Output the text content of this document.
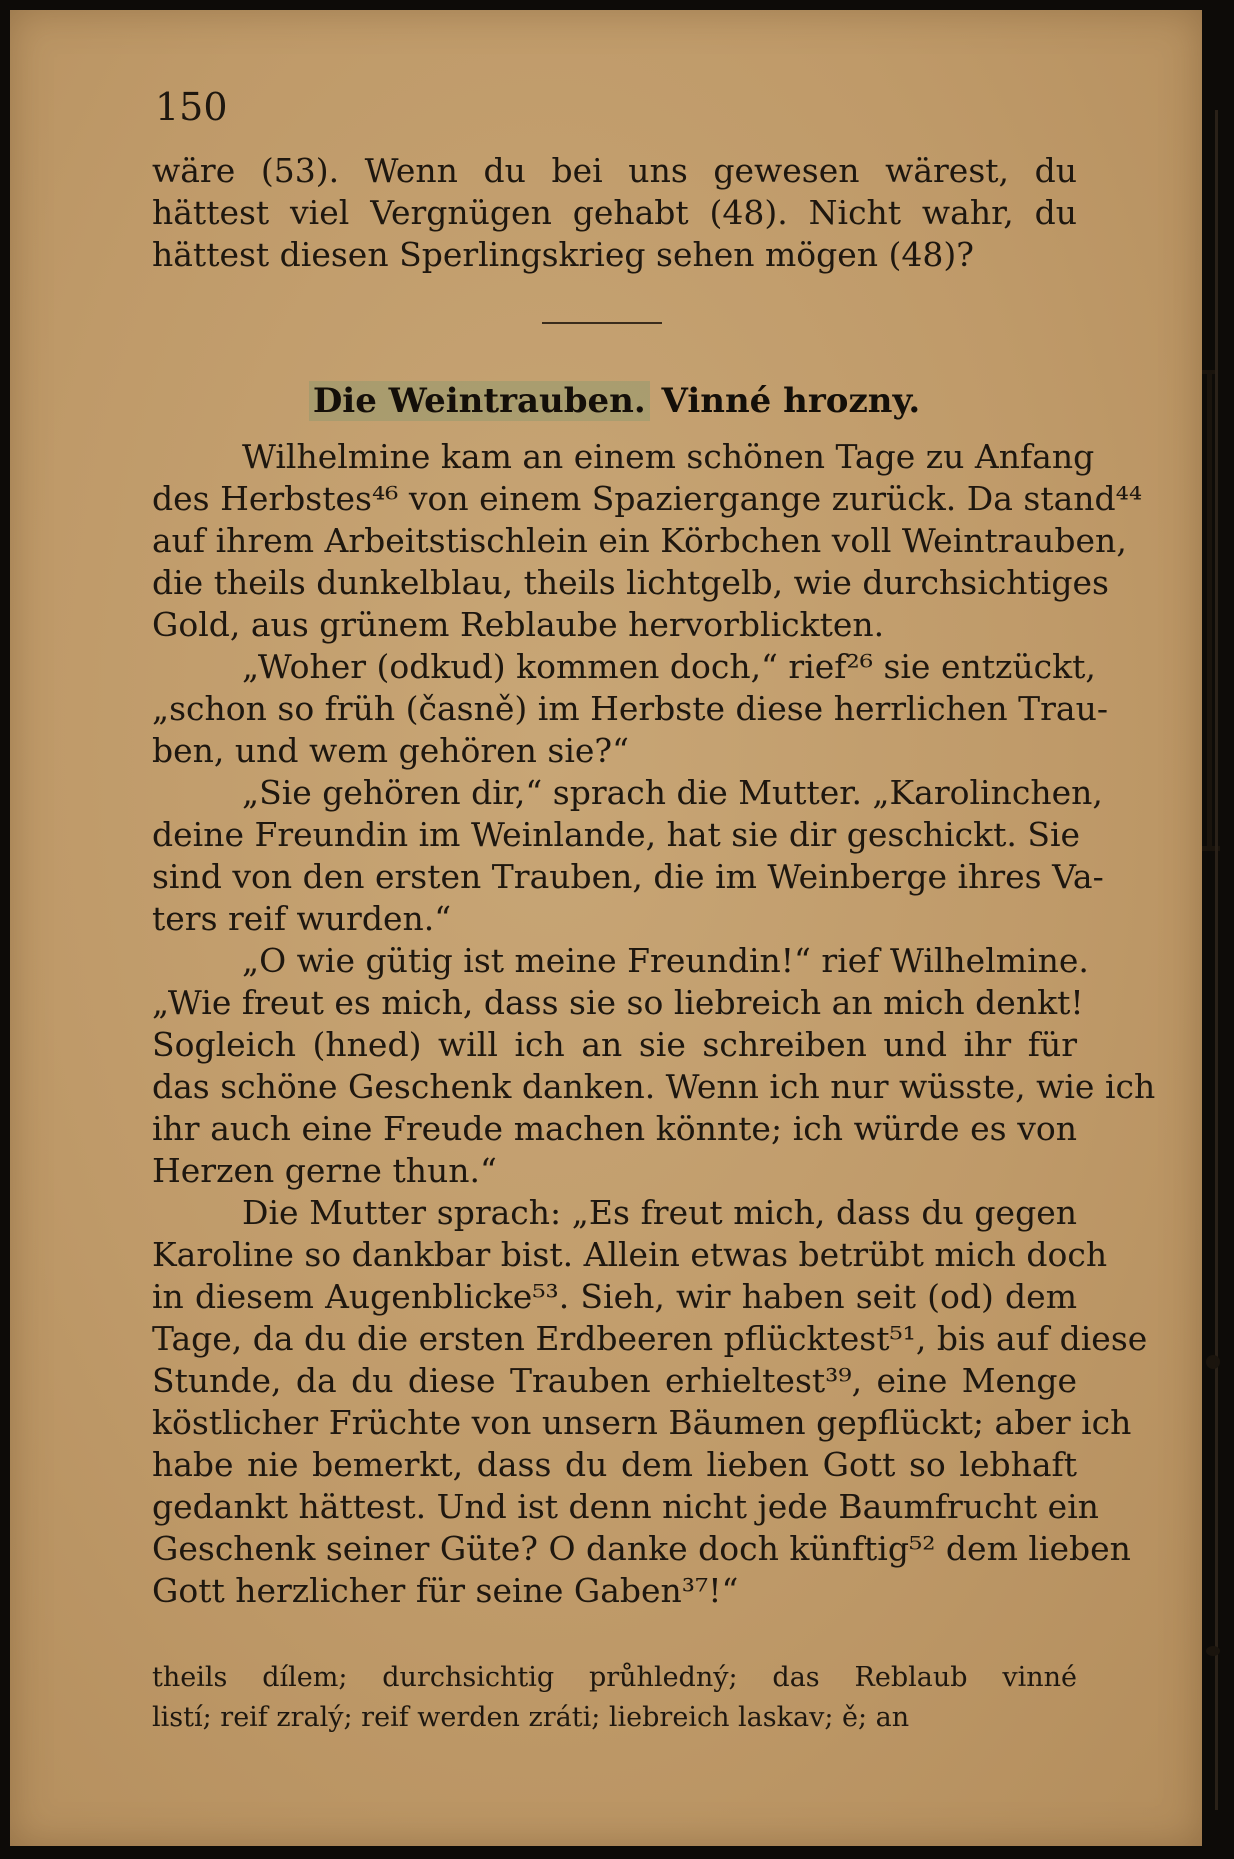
150
wäre (53). Wenn du bei uns gewesen wärest, du
hättest viel Vergnügen gehabt (48). Nicht wahr, du
hättest diesen Sperlingskrieg sehen mögen (48)?
Die Weintrauben. Vinné hrozny.
Wilhelmine kam an einem schönen Tage zu Anfang
des Herbstes⁴⁶ von einem Spaziergange zurück. Da stand⁴⁴
auf ihrem Arbeitstischlein ein Körbchen voll Weintrauben,
die theils dunkelblau, theils lichtgelb, wie durchsichtiges
Gold, aus grünem Reblaube hervorblickten.
„Woher (odkud) kommen doch,“ rief²⁶ sie entzückt,
„schon so früh (časně) im Herbste diese herrlichen Trau-
ben, und wem gehören sie?“
„Sie gehören dir,“ sprach die Mutter. „Karolinchen,
deine Freundin im Weinlande, hat sie dir geschickt. Sie
sind von den ersten Trauben, die im Weinberge ihres Va-
ters reif wurden.“
„O wie gütig ist meine Freundin!“ rief Wilhelmine.
„Wie freut es mich, dass sie so liebreich an mich denkt!
Sogleich (hned) will ich an sie schreiben und ihr für
das schöne Geschenk danken. Wenn ich nur wüsste, wie ich
ihr auch eine Freude machen könnte; ich würde es von
Herzen gerne thun.“
Die Mutter sprach: „Es freut mich, dass du gegen
Karoline so dankbar bist. Allein etwas betrübt mich doch
in diesem Augenblicke⁵³. Sieh, wir haben seit (od) dem
Tage, da du die ersten Erdbeeren pflücktest⁵¹, bis auf diese
Stunde, da du diese Trauben erhieltest³⁹, eine Menge
köstlicher Früchte von unsern Bäumen gepflückt; aber ich
habe nie bemerkt, dass du dem lieben Gott so lebhaft
gedankt hättest. Und ist denn nicht jede Baumfrucht ein
Geschenk seiner Güte? O danke doch künftig⁵² dem lieben
Gott herzlicher für seine Gaben³⁷!“
theils dílem; durchsichtig průhledný; das Reblaub vinné
listí; reif zralý; reif werden zráti; liebreich laskav; ě; an
